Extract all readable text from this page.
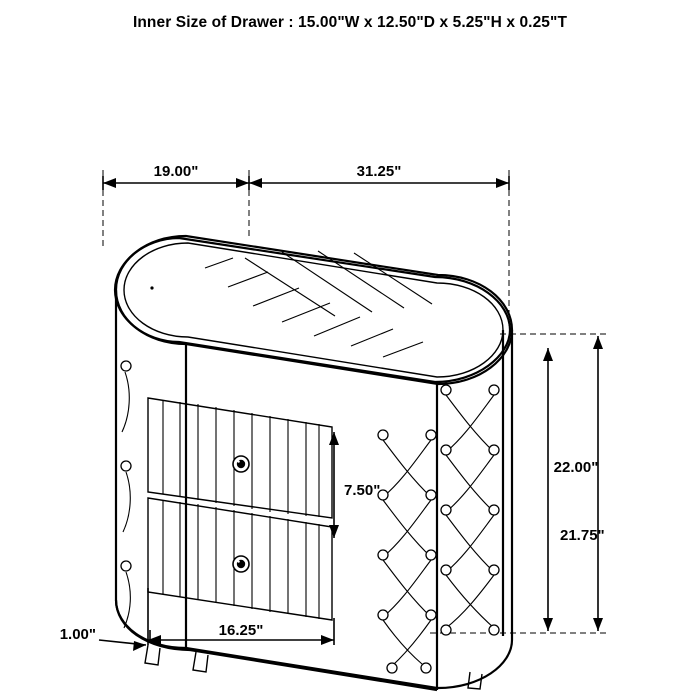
Inner Size of Drawer : 15.00"W x 12.50"D x 5.25"H x 0.25"T
19.00"	31.25"
7.50"
22.00"
21.75"
16.25"
1.00"
